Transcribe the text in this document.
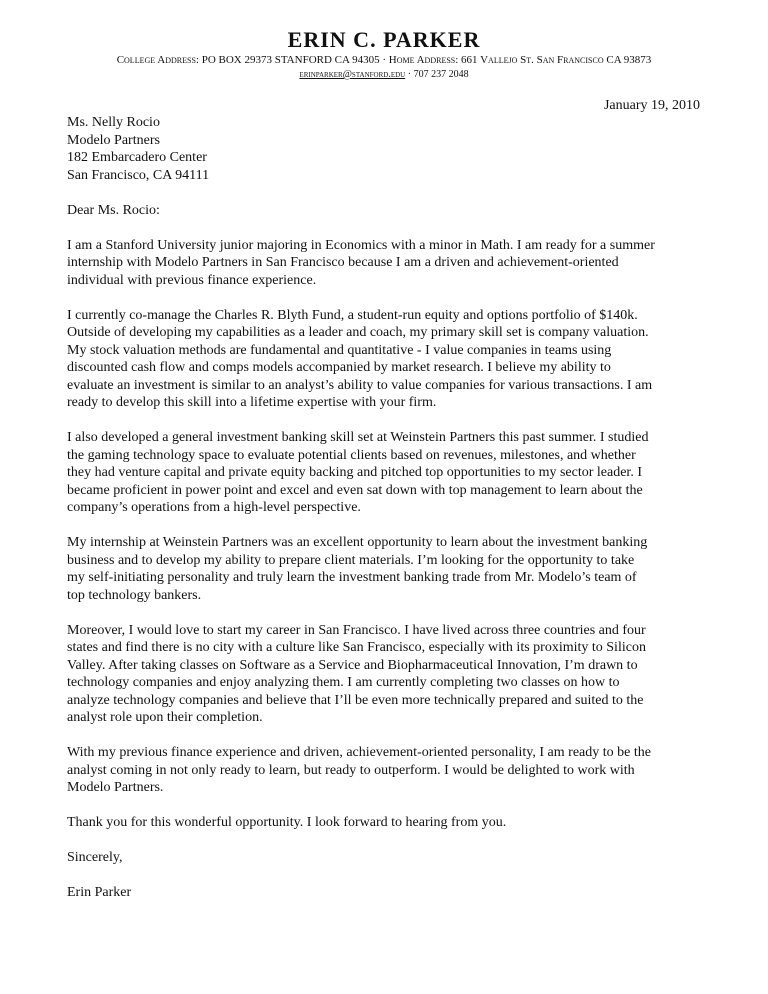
ERIN C. PARKER
College Address: PO BOX 29373 STANFORD CA 94305 · Home Address: 661 Vallejo St. San Francisco CA 93873
erinparker@stanford.edu · 707 237 2048
January 19, 2010
Ms. Nelly Rocio
Modelo Partners
182 Embarcadero Center
San Francisco, CA 94111
Dear Ms. Rocio:

I am a Stanford University junior majoring in Economics with a minor in Math. I am ready for a summer
internship with Modelo Partners in San Francisco because I am a driven and achievement-oriented
individual with previous finance experience.

I currently co-manage the Charles R. Blyth Fund, a student-run equity and options portfolio of $140k.
Outside of developing my capabilities as a leader and coach, my primary skill set is company valuation.
My stock valuation methods are fundamental and quantitative - I value companies in teams using
discounted cash flow and comps models accompanied by market research. I believe my ability to
evaluate an investment is similar to an analyst’s ability to value companies for various transactions. I am
ready to develop this skill into a lifetime expertise with your firm.

I also developed a general investment banking skill set at Weinstein Partners this past summer. I studied
the gaming technology space to evaluate potential clients based on revenues, milestones, and whether
they had venture capital and private equity backing and pitched top opportunities to my sector leader. I
became proficient in power point and excel and even sat down with top management to learn about the
company’s operations from a high-level perspective.

My internship at Weinstein Partners was an excellent opportunity to learn about the investment banking
business and to develop my ability to prepare client materials. I’m looking for the opportunity to take
my self-initiating personality and truly learn the investment banking trade from Mr. Modelo’s team of
top technology bankers.

Moreover, I would love to start my career in San Francisco. I have lived across three countries and four
states and find there is no city with a culture like San Francisco, especially with its proximity to Silicon
Valley. After taking classes on Software as a Service and Biopharmaceutical Innovation, I’m drawn to
technology companies and enjoy analyzing them. I am currently completing two classes on how to
analyze technology companies and believe that I’ll be even more technically prepared and suited to the
analyst role upon their completion.

With my previous finance experience and driven, achievement-oriented personality, I am ready to be the
analyst coming in not only ready to learn, but ready to outperform. I would be delighted to work with
Modelo Partners.

Thank you for this wonderful opportunity. I look forward to hearing from you.

Sincerely,
Erin Parker
